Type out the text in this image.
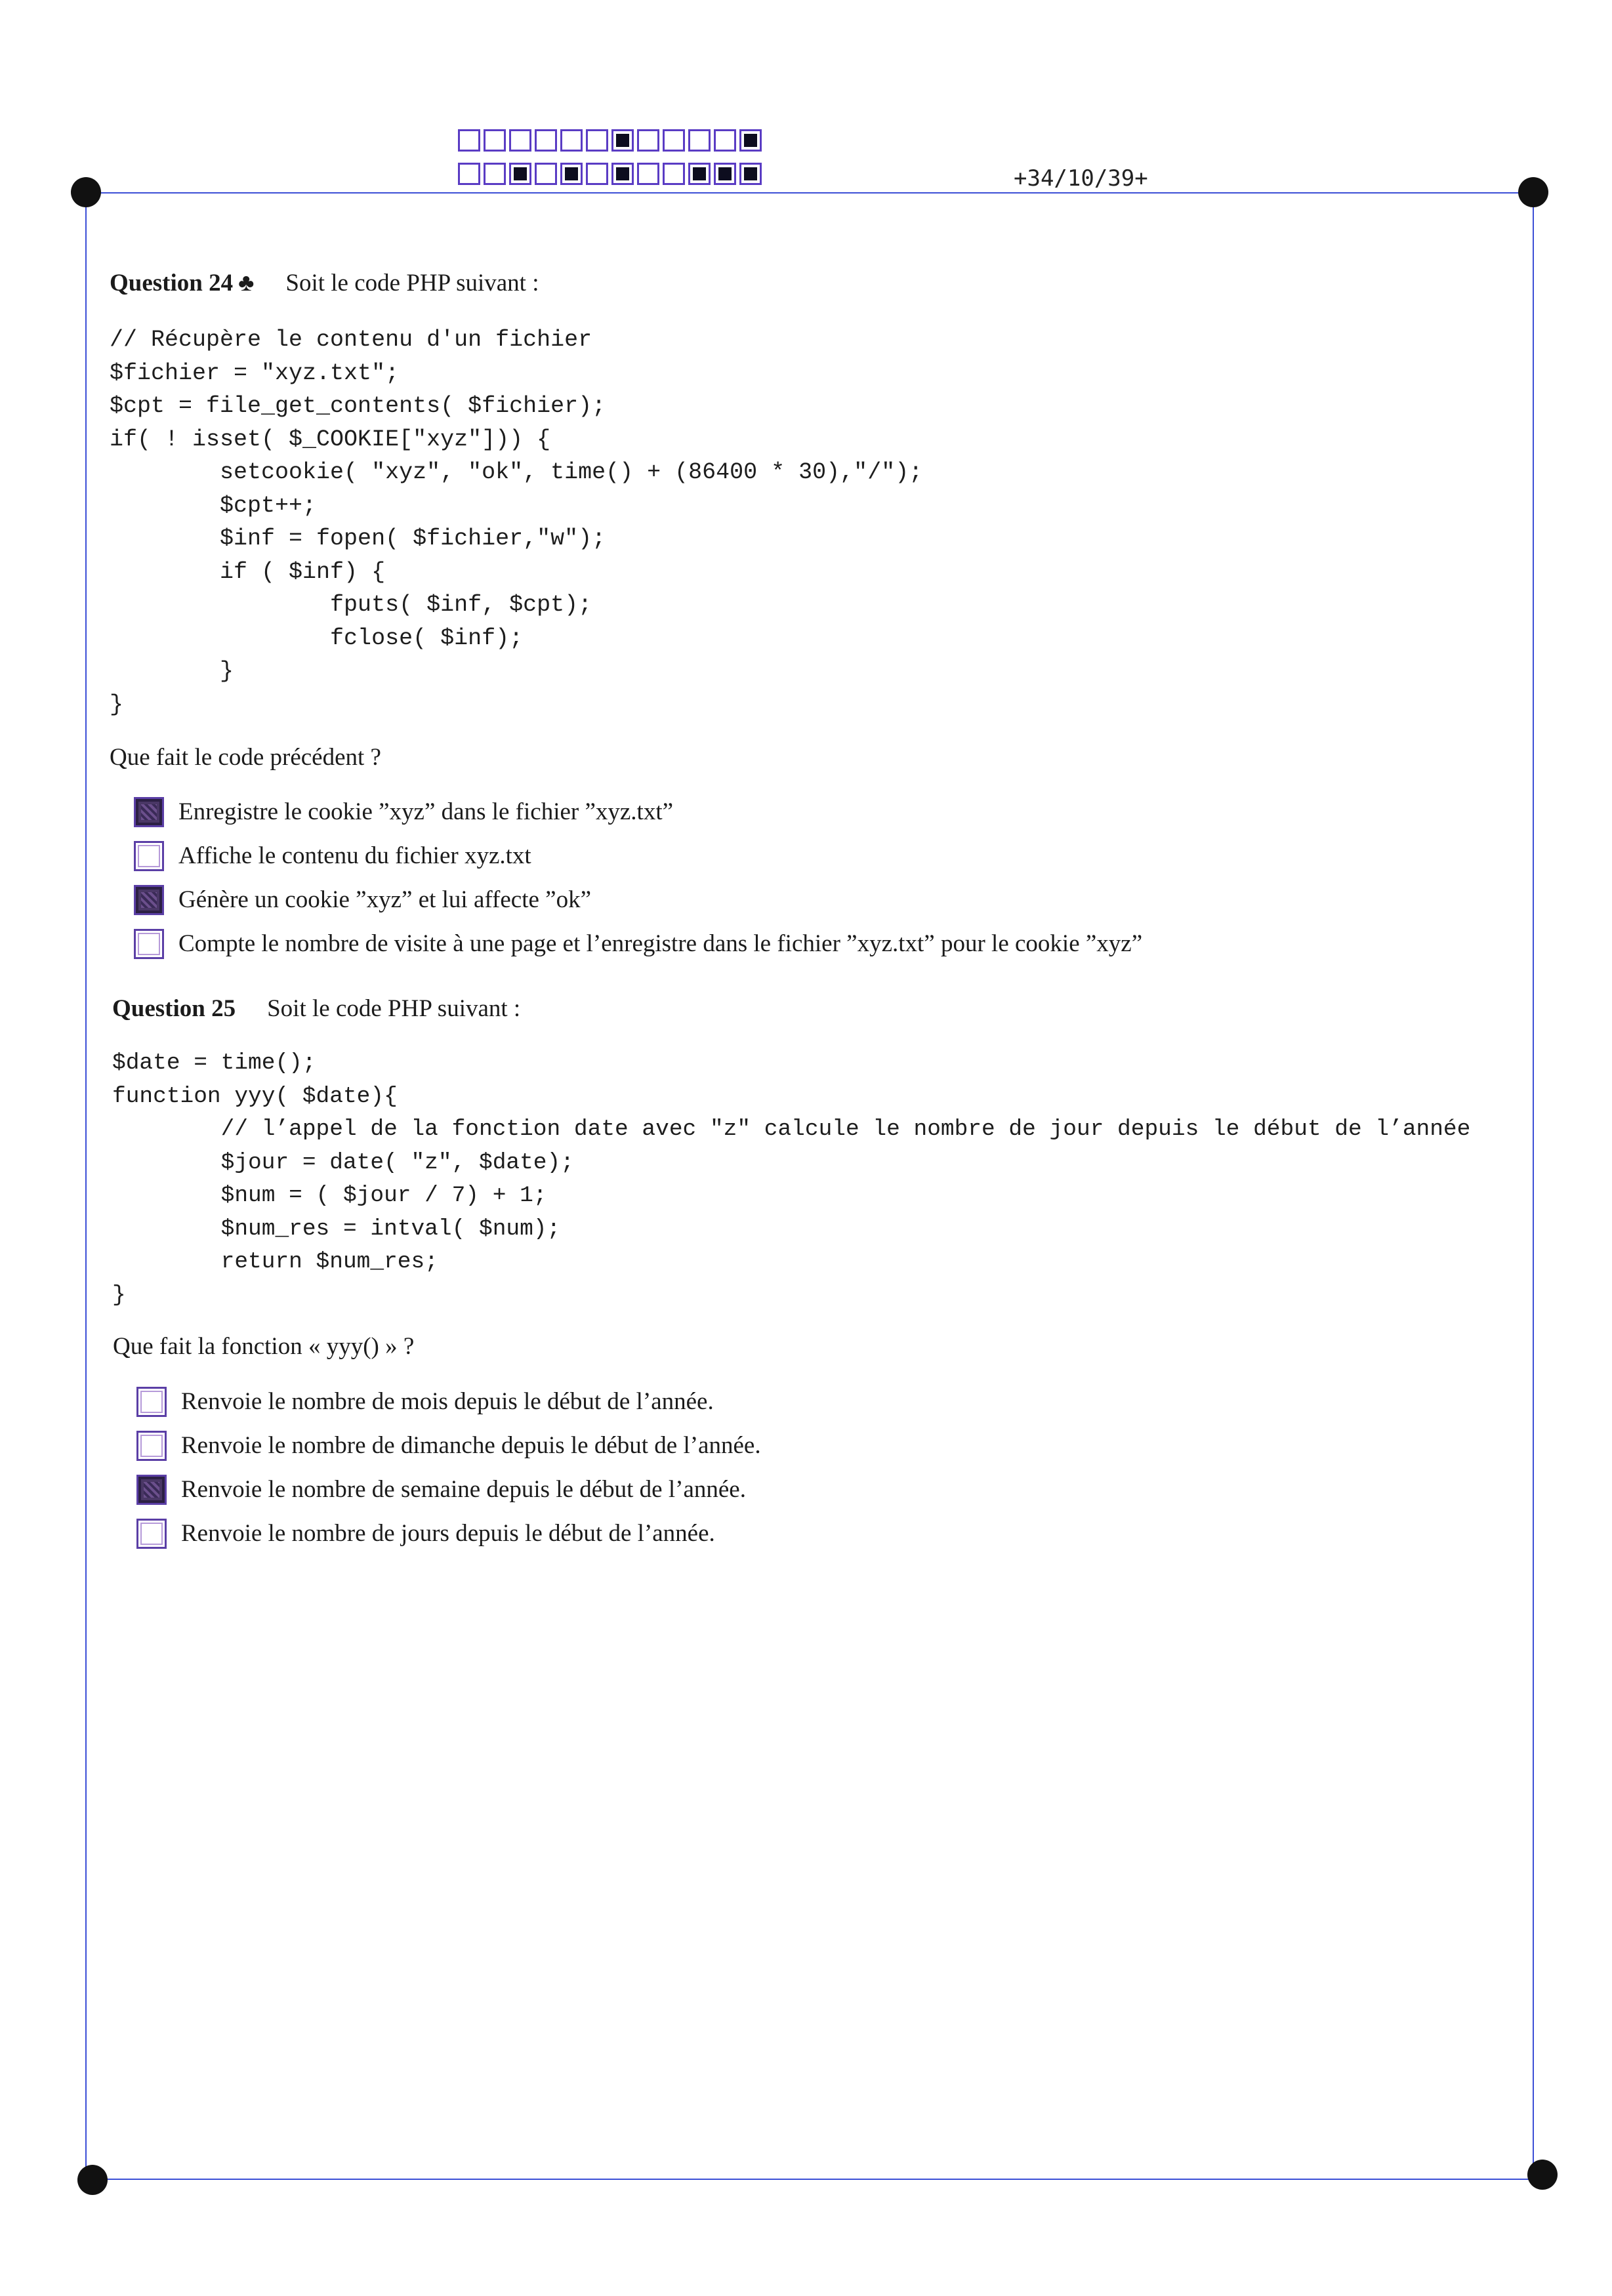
+34/10/39+
Question 24 ♣ Soit le code PHP suivant :
// Récupère le contenu d'un fichier
$fichier = "xyz.txt";
$cpt = file_get_contents( $fichier);
if( ! isset( $_COOKIE["xyz"])) {
setcookie( "xyz", "ok", time() + (86400 * 30),"/");
$cpt++;
$inf = fopen( $fichier,"w");
if ( $inf) {
fputs( $inf, $cpt);
fclose( $inf);
}
}
Que fait le code précédent ?
Enregistre le cookie ”xyz” dans le fichier ”xyz.txt”
Affiche le contenu du fichier xyz.txt
Génère un cookie ”xyz” et lui affecte ”ok”
Compte le nombre de visite à une page et l’enregistre dans le fichier ”xyz.txt” pour le cookie ”xyz”
Question 25 Soit le code PHP suivant :
$date = time();
function yyy( $date){
// l’appel de la fonction date avec "z" calcule le nombre de jour depuis le début de l’année
$jour = date( "z", $date);
$num = ( $jour / 7) + 1;
$num_res = intval( $num);
return $num_res;
}
Que fait la fonction « yyy() » ?
Renvoie le nombre de mois depuis le début de l’année.
Renvoie le nombre de dimanche depuis le début de l’année.
Renvoie le nombre de semaine depuis le début de l’année.
Renvoie le nombre de jours depuis le début de l’année.
